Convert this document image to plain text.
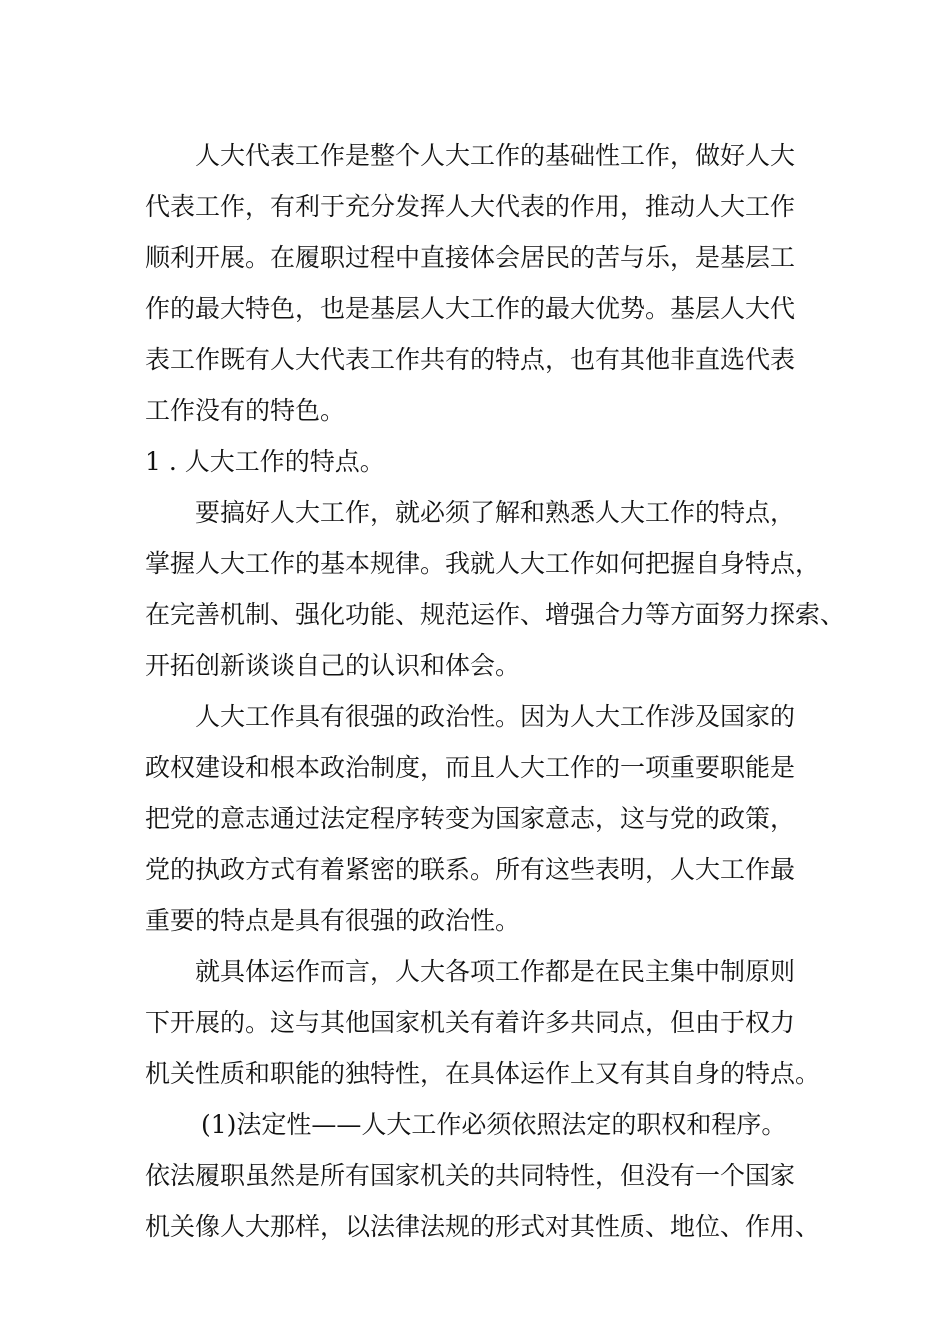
人大代表工作是整个人大工作的基础性工作，做好人大
代表工作，有利于充分发挥人大代表的作用，推动人大工作
顺利开展。在履职过程中直接体会居民的苦与乐，是基层工
作的最大特色，也是基层人大工作的最大优势。基层人大代
表工作既有人大代表工作共有的特点，也有其他非直选代表
工作没有的特色。
1 . 人大工作的特点。
要搞好人大工作，就必须了解和熟悉人大工作的特点，
掌握人大工作的基本规律。我就人大工作如何把握自身特点，
在完善机制、强化功能、规范运作、增强合力等方面努力探索、
开拓创新谈谈自己的认识和体会。
人大工作具有很强的政治性。因为人大工作涉及国家的
政权建设和根本政治制度，而且人大工作的一项重要职能是
把党的意志通过法定程序转变为国家意志，这与党的政策，
党的执政方式有着紧密的联系。所有这些表明，人大工作最
重要的特点是具有很强的政治性。
就具体运作而言，人大各项工作都是在民主集中制原则
下开展的。这与其他国家机关有着许多共同点，但由于权力
机关性质和职能的独特性，在具体运作上又有其自身的特点。
(1)法定性——人大工作必须依照法定的职权和程序。
依法履职虽然是所有国家机关的共同特性，但没有一个国家
机关像人大那样，以法律法规的形式对其性质、地位、作用、
